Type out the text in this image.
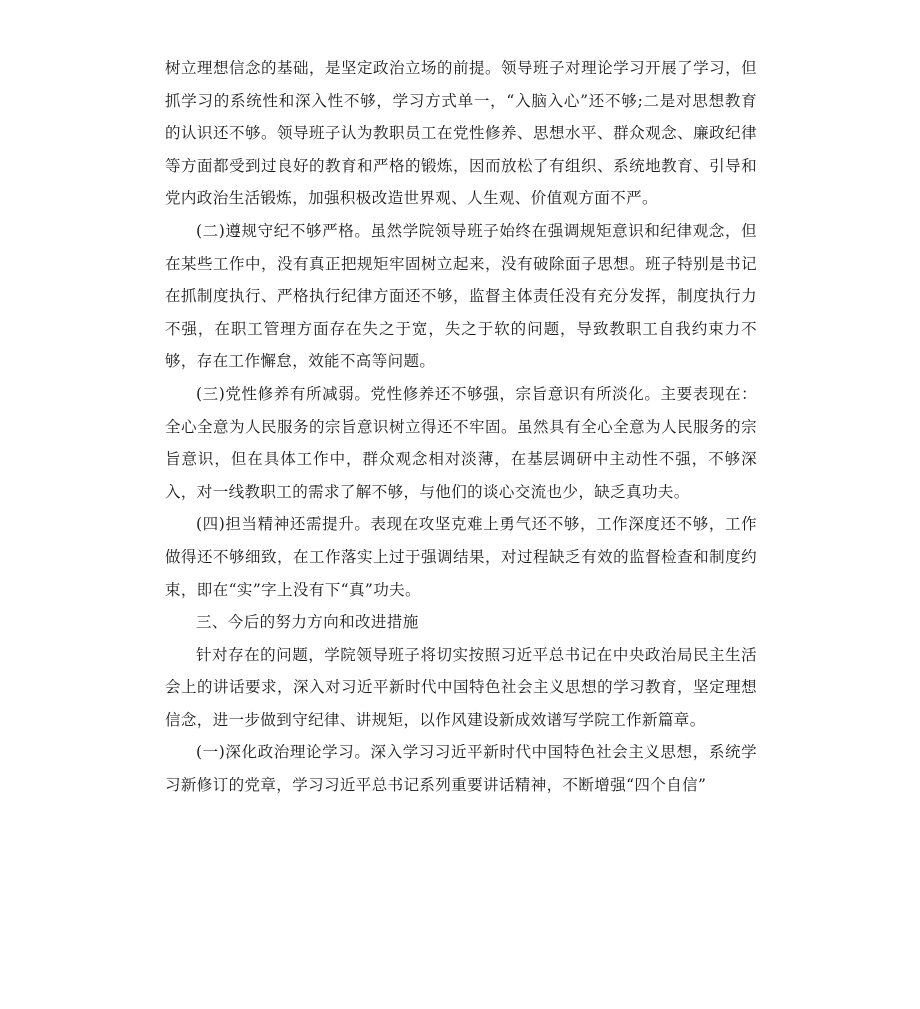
树立理想信念的基础，是坚定政治立场的前提。领导班子对理论学习开展了学习，但抓学习的系统性和深入性不够，学习方式单一，“入脑入心”还不够;二是对思想教育的认识还不够。领导班子认为教职员工在党性修养、思想水平、群众观念、廉政纪律等方面都受到过良好的教育和严格的锻炼，因而放松了有组织、系统地教育、引导和党内政治生活锻炼，加强积极改造世界观、人生观、价值观方面不严。

(二)遵规守纪不够严格。虽然学院领导班子始终在强调规矩意识和纪律观念，但在某些工作中，没有真正把规矩牢固树立起来，没有破除面子思想。班子特别是书记在抓制度执行、严格执行纪律方面还不够，监督主体责任没有充分发挥，制度执行力不强，在职工管理方面存在失之于宽，失之于软的问题，导致教职工自我约束力不够，存在工作懈怠，效能不高等问题。

(三)党性修养有所减弱。党性修养还不够强，宗旨意识有所淡化。主要表现在：全心全意为人民服务的宗旨意识树立得还不牢固。虽然具有全心全意为人民服务的宗旨意识，但在具体工作中，群众观念相对淡薄，在基层调研中主动性不强，不够深入，对一线教职工的需求了解不够，与他们的谈心交流也少，缺乏真功夫。

(四)担当精神还需提升。表现在攻坚克难上勇气还不够，工作深度还不够，工作做得还不够细致，在工作落实上过于强调结果，对过程缺乏有效的监督检查和制度约束，即在“实”字上没有下“真”功夫。

三、今后的努力方向和改进措施

针对存在的问题，学院领导班子将切实按照习近平总书记在中央政治局民主生活会上的讲话要求，深入对习近平新时代中国特色社会主义思想的学习教育，坚定理想信念，进一步做到守纪律、讲规矩，以作风建设新成效谱写学院工作新篇章。

(一)深化政治理论学习。深入学习习近平新时代中国特色社会主义思想，系统学习新修订的党章，学习习近平总书记系列重要讲话精神，不断增强“四个自信”
